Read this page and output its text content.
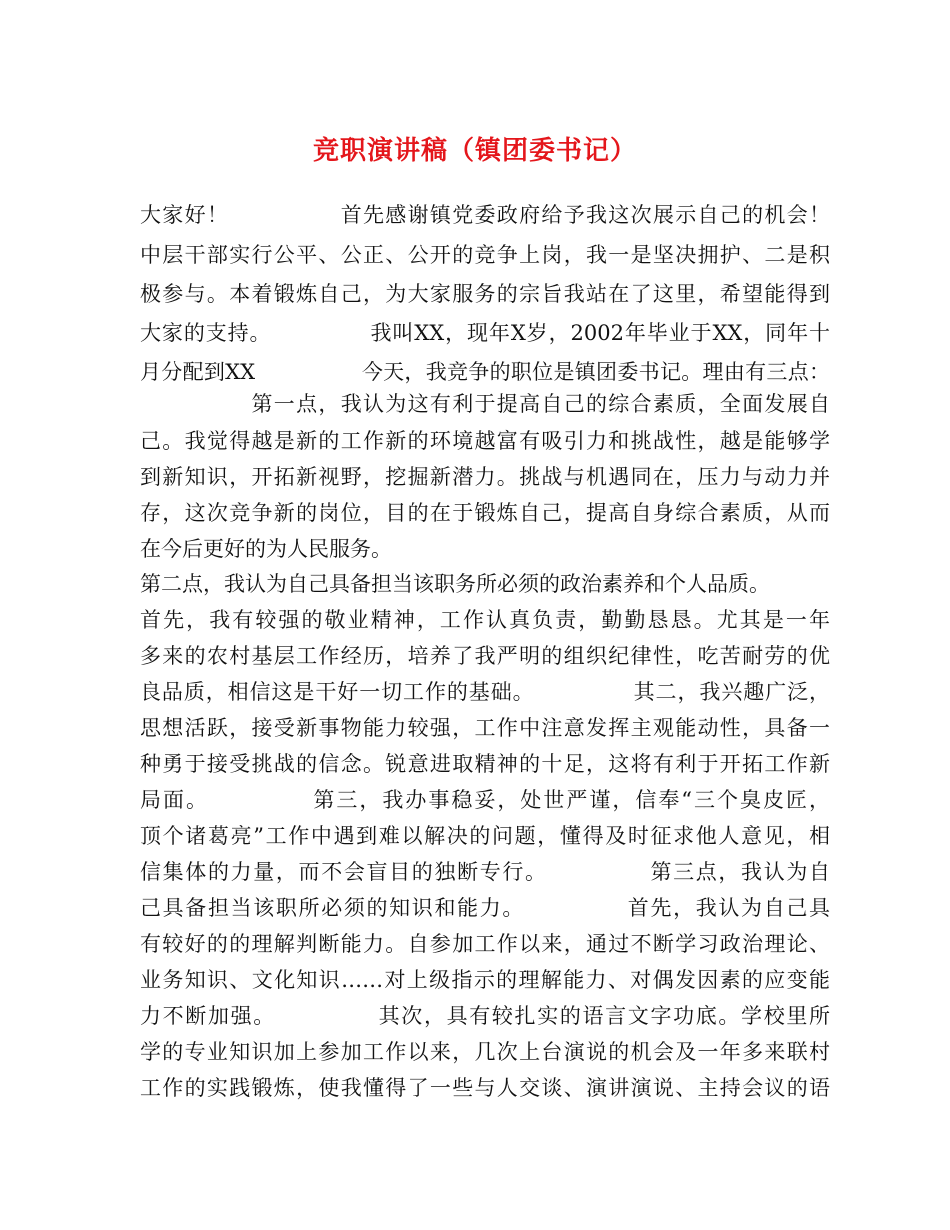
竞职演讲稿（镇团委书记）
大家好！　　　　　首先感谢镇党委政府给予我这次展示自己的机会！
中层干部实行公平、公正、公开的竞争上岗，我一是坚决拥护、二是积
极参与。本着锻炼自己，为大家服务的宗旨我站在了这里，希望能得到
大家的支持。　　　　　我叫XX，现年X岁，2002年毕业于XX，同年十
月分配到XX　　　　　今天，我竞争的职位是镇团委书记。理由有三点：
　　　　　第一点，我认为这有利于提高自己的综合素质，全面发展自
己。我觉得越是新的工作新的环境越富有吸引力和挑战性，越是能够学
到新知识，开拓新视野，挖掘新潜力。挑战与机遇同在，压力与动力并
存，这次竞争新的岗位，目的在于锻炼自己，提高自身综合素质，从而
在今后更好的为人民服务。
第二点，我认为自己具备担当该职务所必须的政治素养和个人品质。
首先，我有较强的敬业精神，工作认真负责，勤勤恳恳。尤其是一年
多来的农村基层工作经历，培养了我严明的组织纪律性，吃苦耐劳的优
良品质，相信这是干好一切工作的基础。　　　　　其二，我兴趣广泛，
思想活跃，接受新事物能力较强，工作中注意发挥主观能动性，具备一
种勇于接受挑战的信念。锐意进取精神的十足，这将有利于开拓工作新
局面。　　　　　第三，我办事稳妥，处世严谨，信奉“三个臭皮匠，
顶个诸葛亮”工作中遇到难以解决的问题，懂得及时征求他人意见，相
信集体的力量，而不会盲目的独断专行。　　　　　第三点，我认为自
己具备担当该职所必须的知识和能力。　　　　　首先，我认为自己具
有较好的的理解判断能力。自参加工作以来，通过不断学习政治理论、
业务知识、文化知识……对上级指示的理解能力、对偶发因素的应变能
力不断加强。　　　　　其次，具有较扎实的语言文字功底。学校里所
学的专业知识加上参加工作以来，几次上台演说的机会及一年多来联村
工作的实践锻炼，使我懂得了一些与人交谈、演讲演说、主持会议的语
